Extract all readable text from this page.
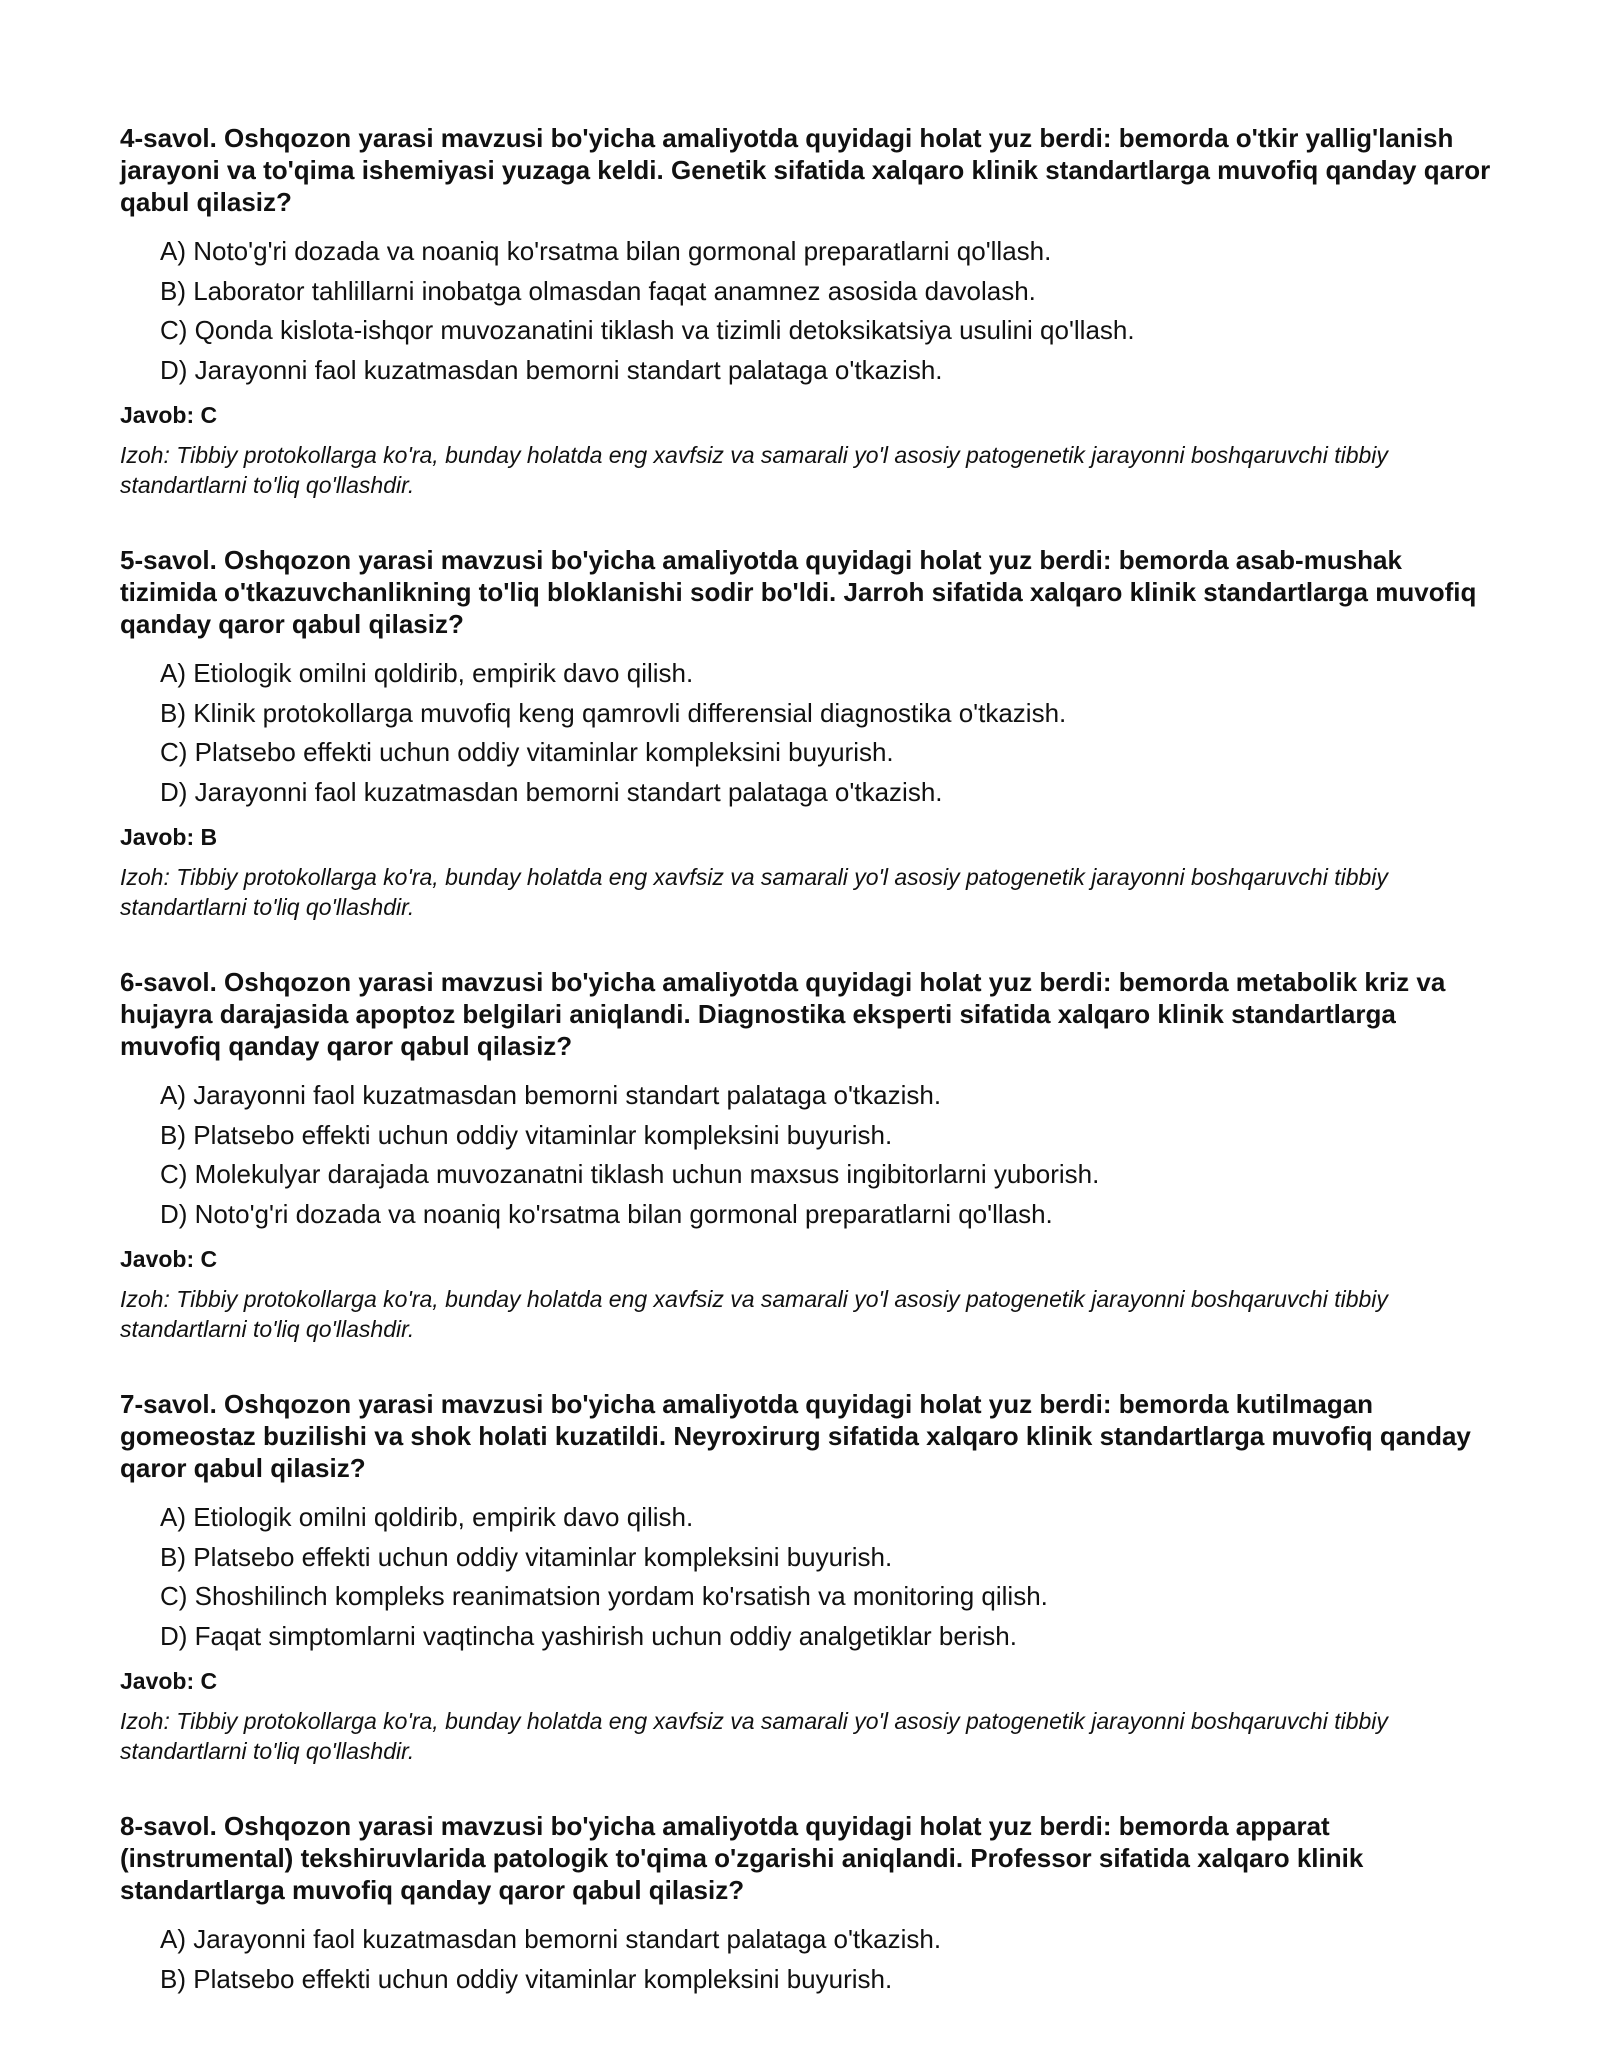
4-savol. Oshqozon yarasi mavzusi bo'yicha amaliyotda quyidagi holat yuz berdi: bemorda o'tkir yallig'lanish jarayoni va to'qima ishemiyasi yuzaga keldi. Genetik sifatida xalqaro klinik standartlarga muvofiq qanday qaror qabul qilasiz?
A) Noto'g'ri dozada va noaniq ko'rsatma bilan gormonal preparatlarni qo'llash.
B) Laborator tahlillarni inobatga olmasdan faqat anamnez asosida davolash.
C) Qonda kislota-ishqor muvozanatini tiklash va tizimli detoksikatsiya usulini qo'llash.
D) Jarayonni faol kuzatmasdan bemorni standart palataga o'tkazish.
Javob: C
Izoh: Tibbiy protokollarga ko'ra, bunday holatda eng xavfsiz va samarali yo'l asosiy patogenetik jarayonni boshqaruvchi tibbiy standartlarni to'liq qo'llashdir.
5-savol. Oshqozon yarasi mavzusi bo'yicha amaliyotda quyidagi holat yuz berdi: bemorda asab-mushak tizimida o'tkazuvchanlikning to'liq bloklanishi sodir bo'ldi. Jarroh sifatida xalqaro klinik standartlarga muvofiq qanday qaror qabul qilasiz?
A) Etiologik omilni qoldirib, empirik davo qilish.
B) Klinik protokollarga muvofiq keng qamrovli differensial diagnostika o'tkazish.
C) Platsebo effekti uchun oddiy vitaminlar kompleksini buyurish.
D) Jarayonni faol kuzatmasdan bemorni standart palataga o'tkazish.
Javob: B
Izoh: Tibbiy protokollarga ko'ra, bunday holatda eng xavfsiz va samarali yo'l asosiy patogenetik jarayonni boshqaruvchi tibbiy standartlarni to'liq qo'llashdir.
6-savol. Oshqozon yarasi mavzusi bo'yicha amaliyotda quyidagi holat yuz berdi: bemorda metabolik kriz va hujayra darajasida apoptoz belgilari aniqlandi. Diagnostika eksperti sifatida xalqaro klinik standartlarga muvofiq qanday qaror qabul qilasiz?
A) Jarayonni faol kuzatmasdan bemorni standart palataga o'tkazish.
B) Platsebo effekti uchun oddiy vitaminlar kompleksini buyurish.
C) Molekulyar darajada muvozanatni tiklash uchun maxsus ingibitorlarni yuborish.
D) Noto'g'ri dozada va noaniq ko'rsatma bilan gormonal preparatlarni qo'llash.
Javob: C
Izoh: Tibbiy protokollarga ko'ra, bunday holatda eng xavfsiz va samarali yo'l asosiy patogenetik jarayonni boshqaruvchi tibbiy standartlarni to'liq qo'llashdir.
7-savol. Oshqozon yarasi mavzusi bo'yicha amaliyotda quyidagi holat yuz berdi: bemorda kutilmagan gomeostaz buzilishi va shok holati kuzatildi. Neyroxirurg sifatida xalqaro klinik standartlarga muvofiq qanday qaror qabul qilasiz?
A) Etiologik omilni qoldirib, empirik davo qilish.
B) Platsebo effekti uchun oddiy vitaminlar kompleksini buyurish.
C) Shoshilinch kompleks reanimatsion yordam ko'rsatish va monitoring qilish.
D) Faqat simptomlarni vaqtincha yashirish uchun oddiy analgetiklar berish.
Javob: C
Izoh: Tibbiy protokollarga ko'ra, bunday holatda eng xavfsiz va samarali yo'l asosiy patogenetik jarayonni boshqaruvchi tibbiy standartlarni to'liq qo'llashdir.
8-savol. Oshqozon yarasi mavzusi bo'yicha amaliyotda quyidagi holat yuz berdi: bemorda apparat (instrumental) tekshiruvlarida patologik to'qima o'zgarishi aniqlandi. Professor sifatida xalqaro klinik standartlarga muvofiq qanday qaror qabul qilasiz?
A) Jarayonni faol kuzatmasdan bemorni standart palataga o'tkazish.
B) Platsebo effekti uchun oddiy vitaminlar kompleksini buyurish.
